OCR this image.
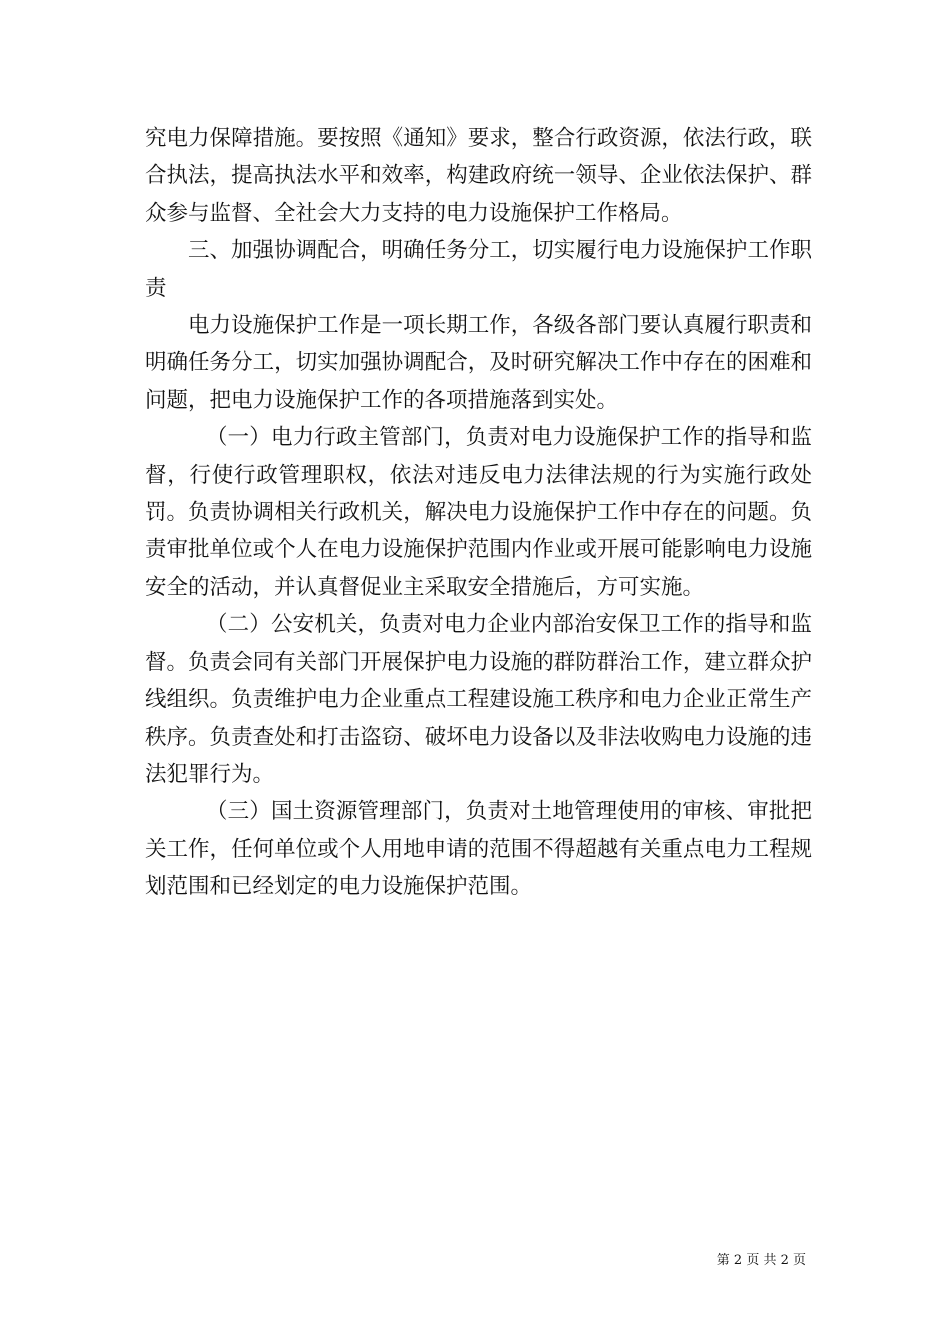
究电力保障措施。要按照《通知》要求，整合行政资源，依法行政，联合执法，提高执法水平和效率，构建政府统一领导、企业依法保护、群众参与监督、全社会大力支持的电力设施保护工作格局。

三、加强协调配合，明确任务分工，切实履行电力设施保护工作职责

电力设施保护工作是一项长期工作，各级各部门要认真履行职责和明确任务分工，切实加强协调配合，及时研究解决工作中存在的困难和问题，把电力设施保护工作的各项措施落到实处。

（一）电力行政主管部门，负责对电力设施保护工作的指导和监督，行使行政管理职权，依法对违反电力法律法规的行为实施行政处罚。负责协调相关行政机关，解决电力设施保护工作中存在的问题。负责审批单位或个人在电力设施保护范围内作业或开展可能影响电力设施安全的活动，并认真督促业主采取安全措施后，方可实施。

（二）公安机关，负责对电力企业内部治安保卫工作的指导和监督。负责会同有关部门开展保护电力设施的群防群治工作，建立群众护线组织。负责维护电力企业重点工程建设施工秩序和电力企业正常生产秩序。负责查处和打击盗窃、破坏电力设备以及非法收购电力设施的违法犯罪行为。

（三）国土资源管理部门，负责对土地管理使用的审核、审批把关工作，任何单位或个人用地申请的范围不得超越有关重点电力工程规划范围和已经划定的电力设施保护范围。

第 2 页 共 2 页
